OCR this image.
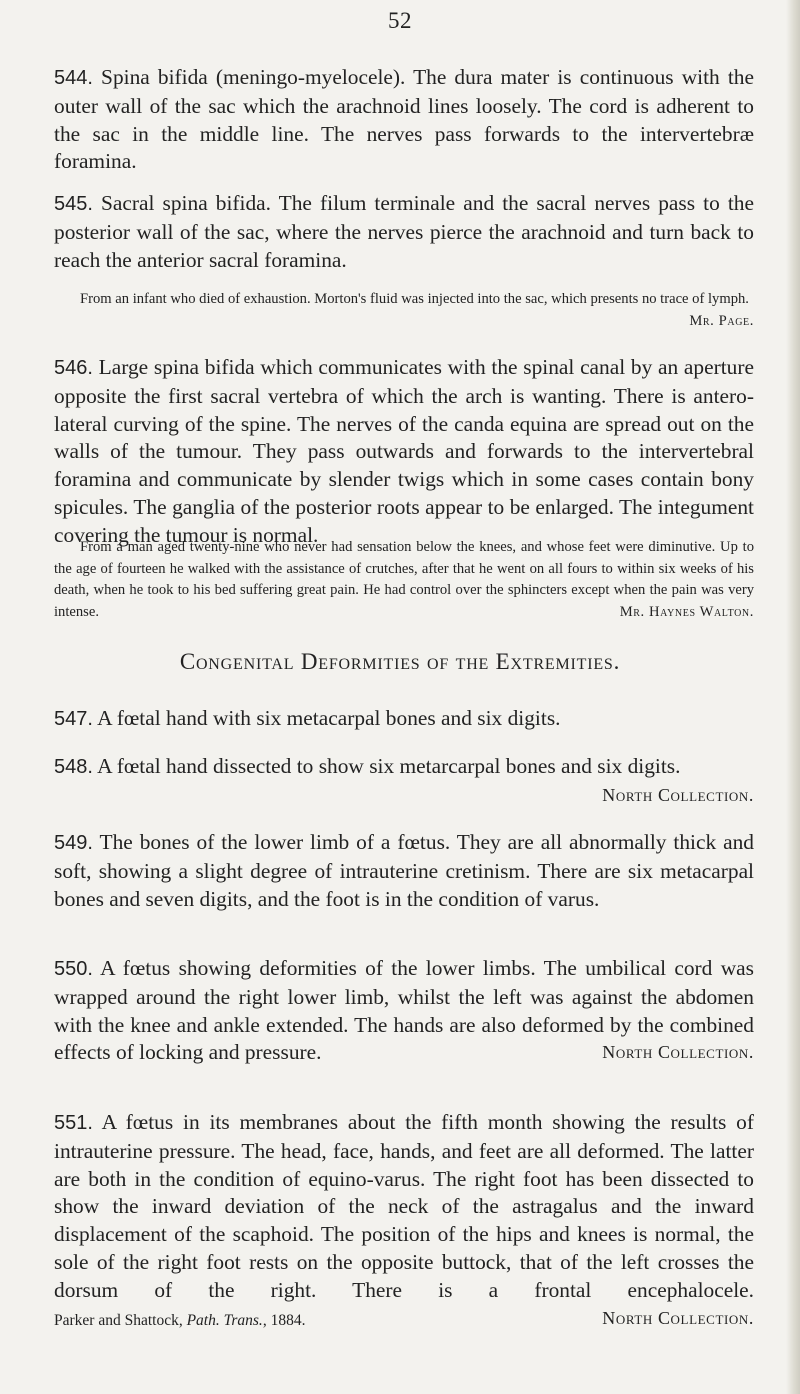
52
544. Spina bifida (meningo-myelocele). The dura mater is continuous with the outer wall of the sac which the arachnoid lines loosely. The cord is adherent to the sac in the middle line. The nerves pass forwards to the intervertebræ foramina.
545. Sacral spina bifida. The filum terminale and the sacral nerves pass to the posterior wall of the sac, where the nerves pierce the arachnoid and turn back to reach the anterior sacral foramina.
From an infant who died of exhaustion. Morton's fluid was injected into the sac, which presents no trace of lymph.
Mr. Page.
546. Large spina bifida which communicates with the spinal canal by an aperture opposite the first sacral vertebra of which the arch is wanting. There is antero-lateral curving of the spine. The nerves of the canda equina are spread out on the walls of the tumour. They pass outwards and forwards to the intervertebral foramina and communicate by slender twigs which in some cases contain bony spicules. The ganglia of the posterior roots appear to be enlarged. The integument covering the tumour is normal.
From a man aged twenty-nine who never had sensation below the knees, and whose feet were diminutive. Up to the age of fourteen he walked with the assistance of crutches, after that he went on all fours to within six weeks of his death, when he took to his bed suffering great pain. He had control over the sphincters except when the pain was very intense.	Mr. Haynes Walton.
Congenital Deformities of the Extremities.
547. A fœtal hand with six metacarpal bones and six digits.
548. A fœtal hand dissected to show six metarcarpal bones and six digits.
North Collection.
549. The bones of the lower limb of a fœtus. They are all abnormally thick and soft, showing a slight degree of intrauterine cretinism. There are six metacarpal bones and seven digits, and the foot is in the condition of varus.
550. A fœtus showing deformities of the lower limbs. The umbilical cord was wrapped around the right lower limb, whilst the left was against the abdomen with the knee and ankle extended. The hands are also deformed by the combined effects of locking and pressure.	North Collection.
551. A fœtus in its membranes about the fifth month showing the results of intrauterine pressure. The head, face, hands, and feet are all deformed. The latter are both in the condition of equino-varus. The right foot has been dissected to show the inward deviation of the neck of the astragalus and the inward displacement of the scaphoid. The position of the hips and knees is normal, the sole of the right foot rests on the opposite buttock, that of the left crosses the dorsum of the right. There is a frontal encephalocele. Parker and Shattock, Path. Trans., 1884.	North Collection.
